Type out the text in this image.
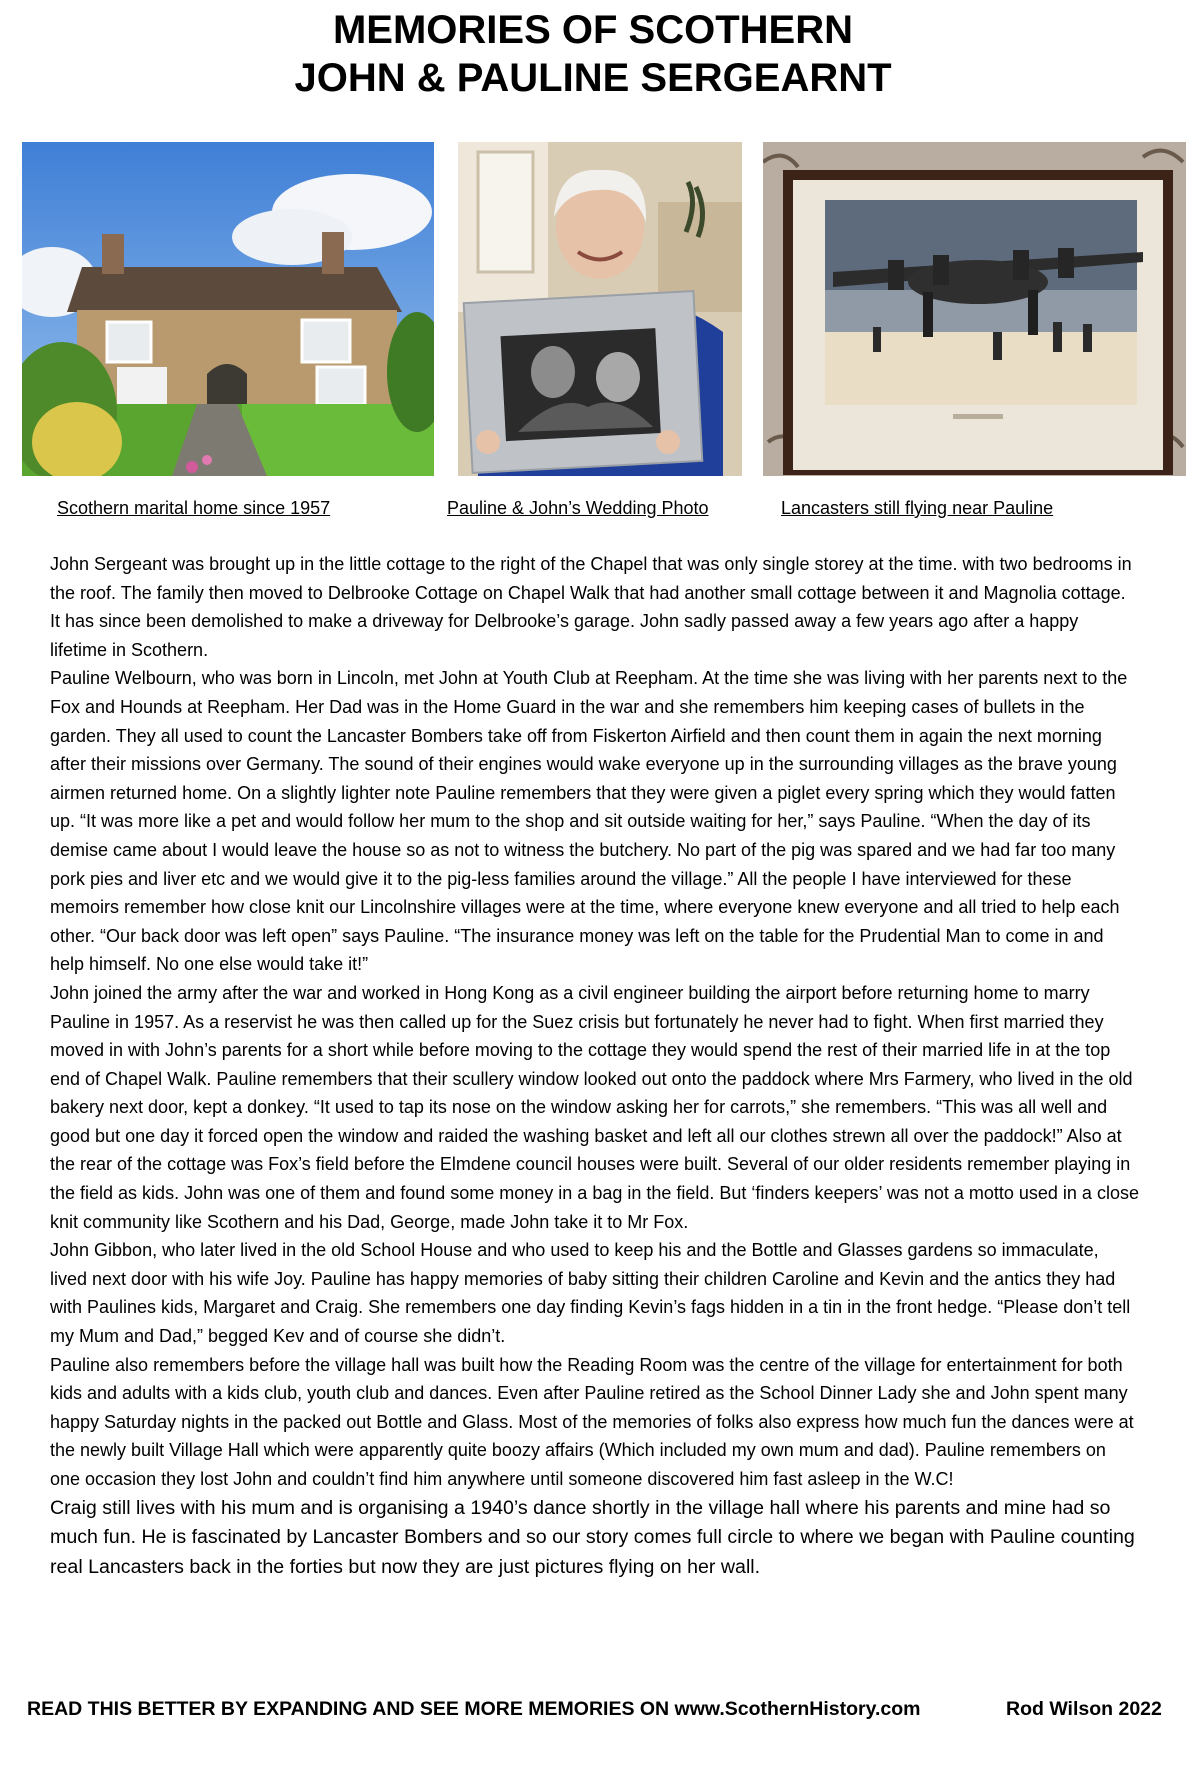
MEMORIES OF SCOTHERN
JOHN & PAULINE SERGEARNT
Scothern marital home since 1957	Pauline & John’s Wedding Photo	Lancasters still flying near Pauline

John Sergeant was brought up in the little cottage to the right of the Chapel that was only single storey at the time. with two bedrooms in the roof. The family then moved to Delbrooke Cottage on Chapel Walk that had another small cottage between it and Magnolia cottage. It has since been demolished to make a driveway for Delbrooke’s garage. John sadly passed away a few years ago after a happy lifetime in Scothern.

Pauline Welbourn, who was born in Lincoln, met John at Youth Club at Reepham. At the time she was living with her parents next to the Fox and Hounds at Reepham. Her Dad was in the Home Guard in the war and she remembers him keeping cases of bullets in the garden. They all used to count the Lancaster Bombers take off from Fiskerton Airfield and then count them in again the next morning after their missions over Germany. The sound of their engines would wake everyone up in the surrounding villages as the brave young airmen returned home. On a slightly lighter note Pauline remembers that they were given a piglet every spring which they would fatten up. “It was more like a pet and would follow her mum to the shop and sit outside waiting for her,” says Pauline. “When the day of its demise came about I would leave the house so as not to witness the butchery. No part of the pig was spared and we had far too many pork pies and liver etc and we would give it to the pig-less families around the village.” All the people I have interviewed for these memoirs remember how close knit our Lincolnshire villages were at the time, where everyone knew everyone and all tried to help each other. “Our back door was left open” says Pauline. “The insurance money was left on the table for the Prudential Man to come in and help himself. No one else would take it!”

John joined the army after the war and worked in Hong Kong as a civil engineer building the airport before returning home to marry Pauline in 1957. As a reservist he was then called up for the Suez crisis but fortunately he never had to fight. When first married they moved in with John’s parents for a short while before moving to the cottage they would spend the rest of their married life in at the top end of Chapel Walk. Pauline remembers that their scullery window looked out onto the paddock where Mrs Farmery, who lived in the old bakery next door, kept a donkey. “It used to tap its nose on the window asking her for carrots,” she remembers. “This was all well and good but one day it forced open the window and raided the washing basket and left all our clothes strewn all over the paddock!” Also at the rear of the cottage was Fox’s field before the Elmdene council houses were built. Several of our older residents remember playing in the field as kids. John was one of them and found some money in a bag in the field. But ‘finders keepers’ was not a motto used in a close knit community like Scothern and his Dad, George, made John take it to Mr Fox.

John Gibbon, who later lived in the old School House and who used to keep his and the Bottle and Glasses gardens so immaculate, lived next door with his wife Joy. Pauline has happy memories of baby sitting their children Caroline and Kevin and the antics they had with Paulines kids, Margaret and Craig. She remembers one day finding Kevin’s fags hidden in a tin in the front hedge. “Please don’t tell my Mum and Dad,” begged Kev and of course she didn’t.

Pauline also remembers before the village hall was built how the Reading Room was the centre of the village for entertainment for both kids and adults with a kids club, youth club and dances. Even after Pauline retired as the School Dinner Lady she and John spent many happy Saturday nights in the packed out Bottle and Glass. Most of the memories of folks also express how much fun the dances were at the newly built Village Hall which were apparently quite boozy affairs (Which included my own mum and dad). Pauline remembers on one occasion they lost John and couldn’t find him anywhere until someone discovered him fast asleep in the W.C!

Craig still lives with his mum and is organising a 1940’s dance shortly in the village hall where his parents and mine had so much fun. He is fascinated by Lancaster Bombers and so our story comes full circle to where we began with Pauline counting real Lancasters back in the forties but now they are just pictures flying on her wall.

READ THIS BETTER BY EXPANDING AND SEE MORE MEMORIES ON www.ScothernHistory.com	Rod Wilson 2022
